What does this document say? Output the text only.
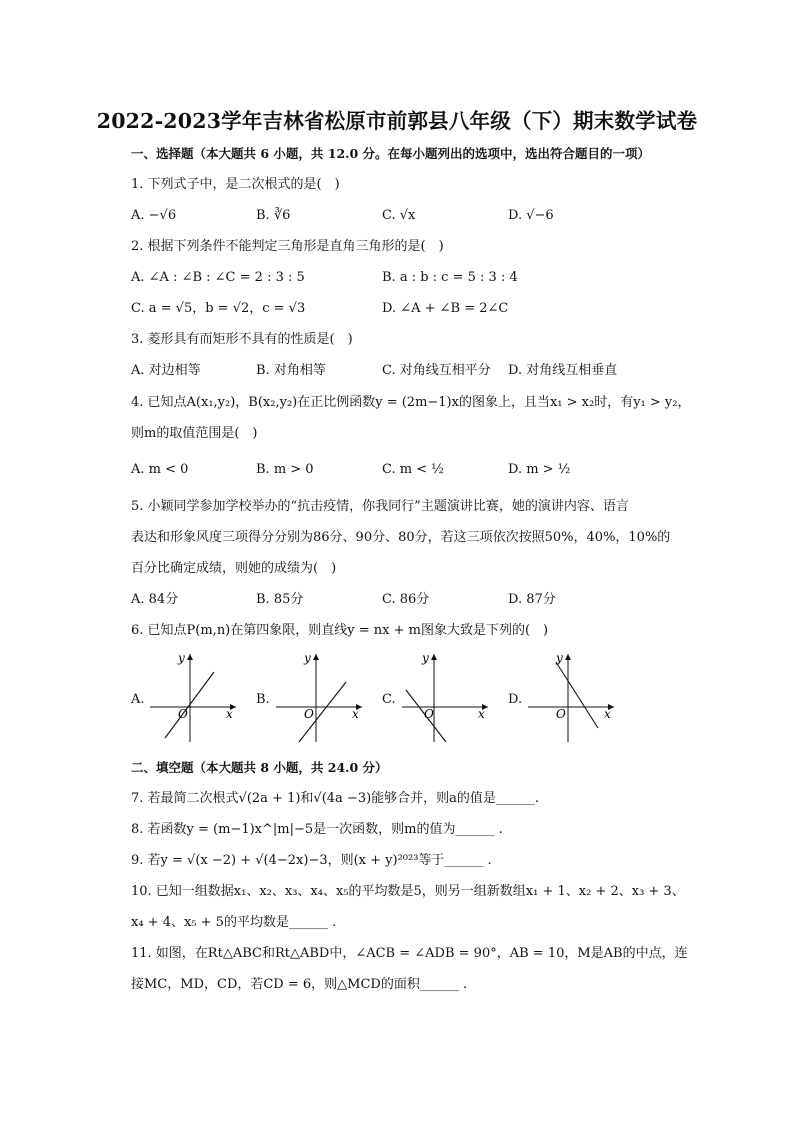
2022-2023学年吉林省松原市前郭县八年级（下）期末数学试卷
一、选择题（本大题共 6 小题，共 12.0 分。在每小题列出的选项中，选出符合题目的一项）
1. 下列式子中，是二次根式的是(　)
A. −√6	B. ∛6	C. √x	D. √−6
2. 根据下列条件不能判定三角形是直角三角形的是(　)
A. ∠A : ∠B : ∠C = 2 : 3 : 5	B. a : b : c = 5 : 3 : 4
C. a = √5，b = √2，c = √3	D. ∠A + ∠B = 2∠C
3. 菱形具有而矩形不具有的性质是(　)
A. 对边相等	B. 对角相等	C. 对角线互相平分 D. 对角线互相垂直
4. 已知点A(x₁,y₂)，B(x₂,y₂)在正比例函数y = (2m−1)x的图象上，且当x₁ > x₂时，有y₁ > y₂，
则m的取值范围是(　)
A. m < 0	B. m > 0	C. m < ½	D. m > ½
5. 小颖同学参加学校举办的“抗击疫情，你我同行”主题演讲比赛，她的演讲内容、语言
表达和形象风度三项得分分别为86分、90分、80分，若这三项依次按照50%，40%，10%的
百分比确定成绩，则她的成绩为(　)
A. 84分	B. 85分	C. 86分	D. 87分
6. 已知点P(m,n)在第四象限，则直线y = nx + m图象大致是下列的(　)
A.
O	x
y
B.
O	x
y
C.
O	x
y
D.
O	x
y
二、填空题（本大题共 8 小题，共 24.0 分）
7. 若最简二次根式√(2a + 1)和√(4a −3)能够合并，则a的值是______.
8. 若函数y = (m−1)x^|m|−5是一次函数，则m的值为______ .
9. 若y = √(x −2) + √(4−2x)−3，则(x + y)²⁰²³等于______ .
10. 已知一组数据x₁、x₂、x₃、x₄、x₅的平均数是5，则另一组新数组x₁ + 1、x₂ + 2、x₃ + 3、
x₄ + 4、x₅ + 5的平均数是______ .
11. 如图，在Rt△ABC和Rt△ABD中，∠ACB = ∠ADB = 90°，AB = 10，M是AB的中点，连
接MC，MD，CD，若CD = 6，则△MCD的面积______ .
